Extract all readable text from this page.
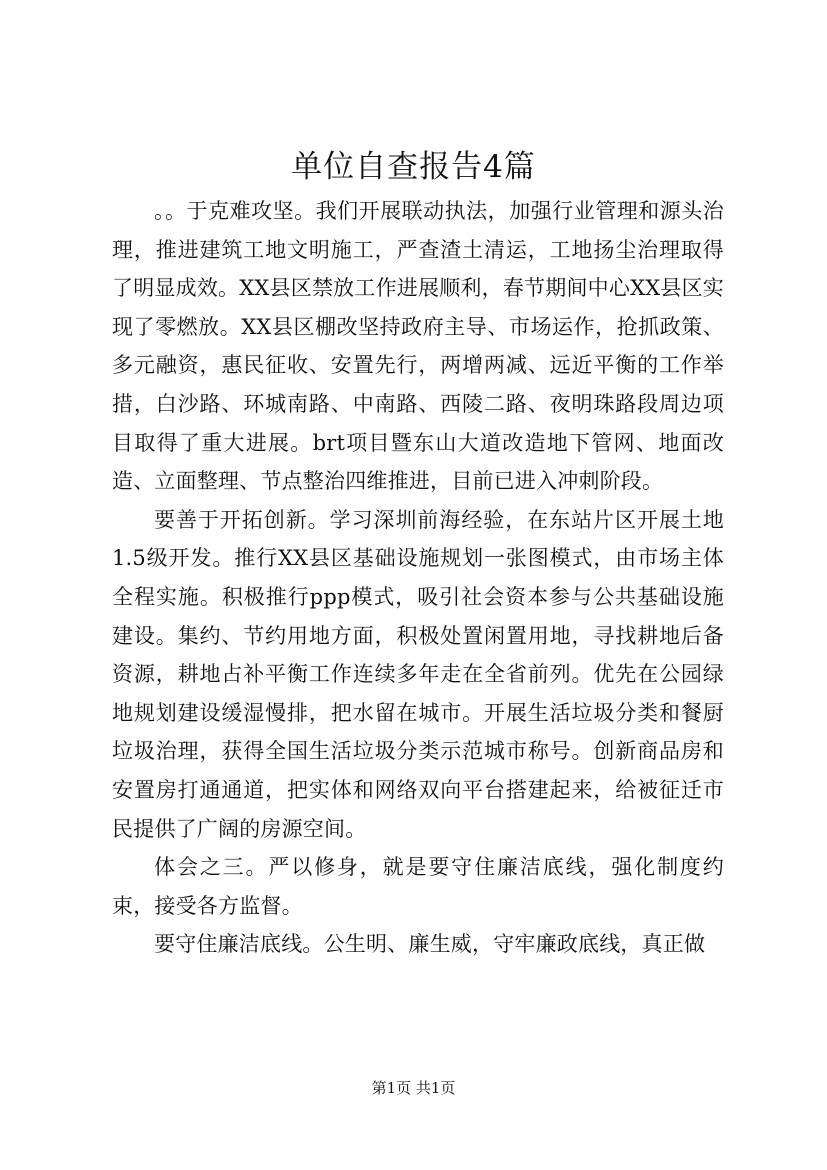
单位自查报告4篇

。。于克难攻坚。我们开展联动执法，加强行业管理和源头治理，推进建筑工地文明施工，严查渣土清运，工地扬尘治理取得了明显成效。XX县区禁放工作进展顺利，春节期间中心XX县区实现了零燃放。XX县区棚改坚持政府主导、市场运作，抢抓政策、多元融资，惠民征收、安置先行，两增两减、远近平衡的工作举措，白沙路、环城南路、中南路、西陵二路、夜明珠路段周边项目取得了重大进展。brt项目暨东山大道改造地下管网、地面改造、立面整理、节点整治四维推进，目前已进入冲刺阶段。

要善于开拓创新。学习深圳前海经验，在东站片区开展土地1.5级开发。推行XX县区基础设施规划一张图模式，由市场主体全程实施。积极推行ppp模式，吸引社会资本参与公共基础设施建设。集约、节约用地方面，积极处置闲置用地，寻找耕地后备资源，耕地占补平衡工作连续多年走在全省前列。优先在公园绿地规划建设缓湿慢排，把水留在城市。开展生活垃圾分类和餐厨垃圾治理，获得全国生活垃圾分类示范城市称号。创新商品房和安置房打通通道，把实体和网络双向平台搭建起来，给被征迁市民提供了广阔的房源空间。

体会之三。严以修身，就是要守住廉洁底线，强化制度约束，接受各方监督。

要守住廉洁底线。公生明、廉生威，守牢廉政底线，真正做

第1页 共1页
